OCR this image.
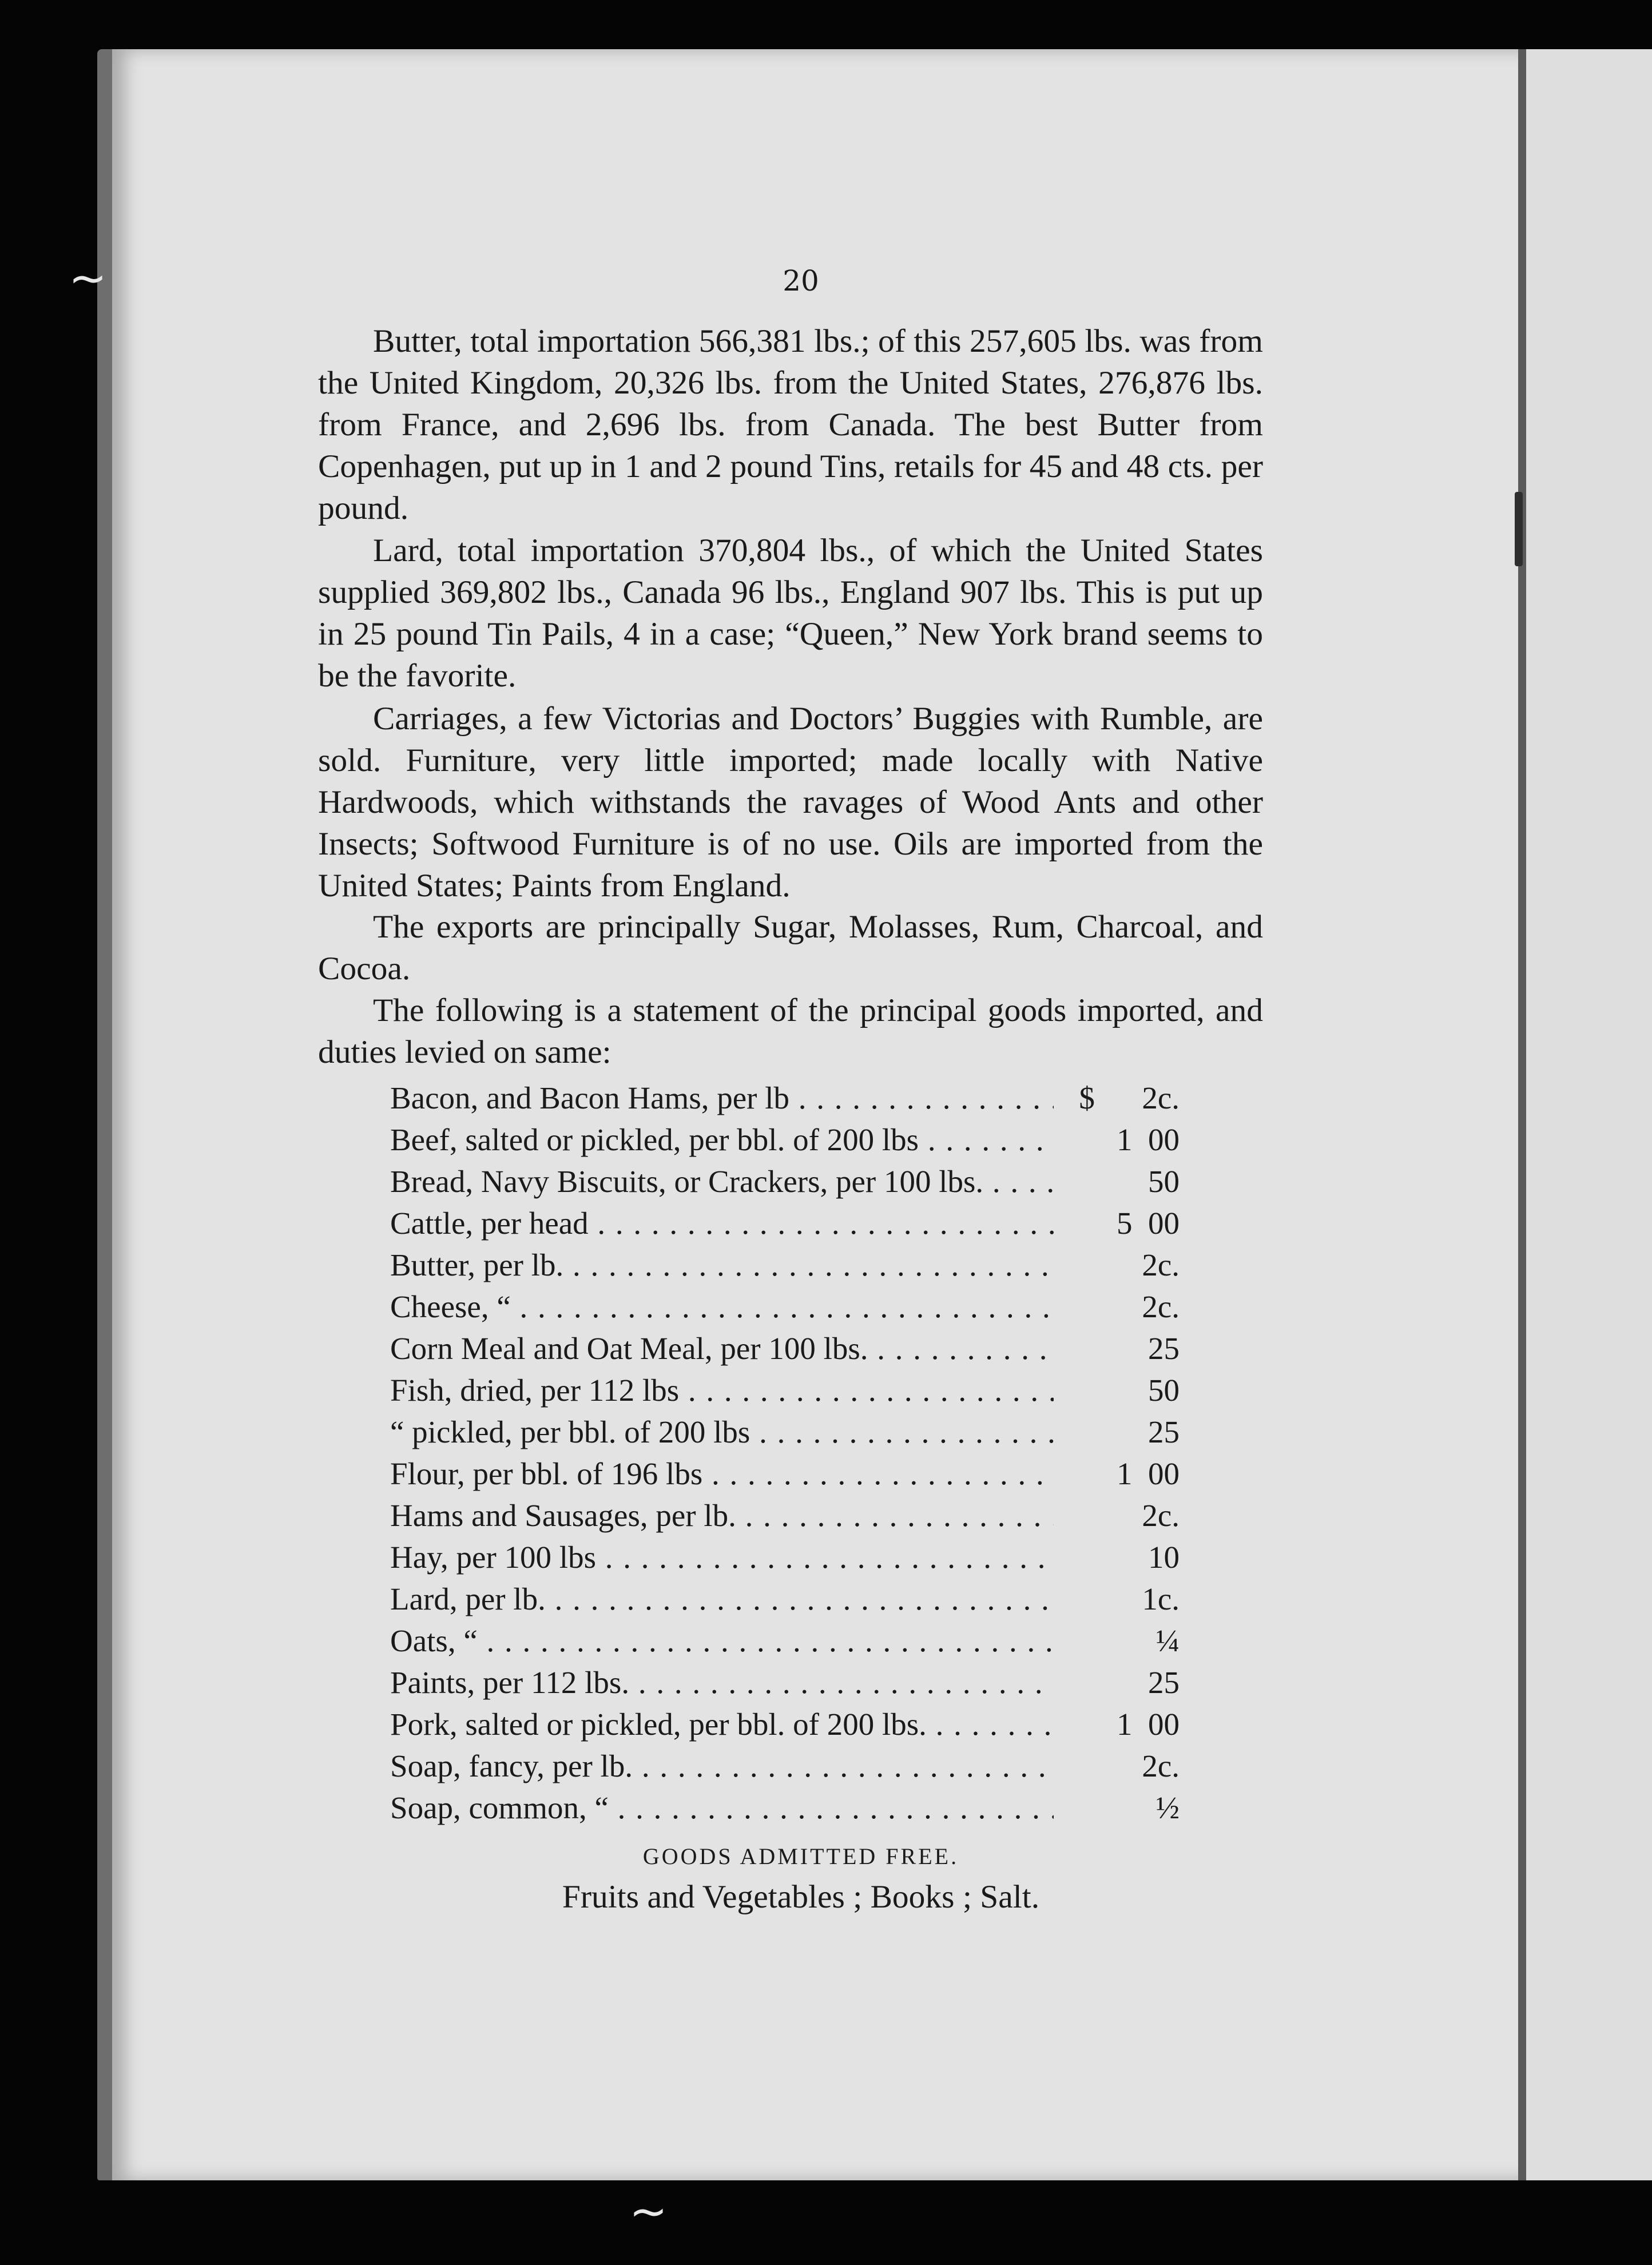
20

Butter, total importation 566,381 lbs.; of this 257,605 lbs. was from the United Kingdom, 20,326 lbs. from the United States, 276,876 lbs. from France, and 2,696 lbs. from Canada. The best Butter from Copenhagen, put up in 1 and 2 pound Tins, retails for 45 and 48 cts. per pound.

Lard, total importation 370,804 lbs., of which the United States supplied 369,802 lbs., Canada 96 lbs., England 907 lbs. This is put up in 25 pound Tin Pails, 4 in a case; “Queen,” New York brand seems to be the favorite.

Carriages, a few Victorias and Doctors’ Buggies with Rumble, are sold. Furniture, very little imported; made locally with Native Hardwoods, which withstands the ravages of Wood Ants and other Insects; Softwood Furniture is of no use. Oils are imported from the United States; Paints from England.

The exports are principally Sugar, Molasses, Rum, Charcoal, and Cocoa.

The following is a statement of the principal goods imported, and duties levied on same:

Bacon, and Bacon Hams, per lb . . .	$      2c.
Beef, salted or pickled, per bbl. of 200 lbs . . .	1  00
Bread, Navy Biscuits, or Crackers, per 100 lbs. . . .	50
Cattle, per head . . .	5  00
Butter, per lb. . . .	2c.
Cheese, “ . . .	2c.
Corn Meal and Oat Meal, per 100 lbs. . . .	25
Fish, dried, per 112 lbs . . .	50
“ pickled, per bbl. of 200 lbs . . .	25
Flour, per bbl. of 196 lbs . . .	1  00
Hams and Sausages, per lb. . . .	2c.
Hay, per 100 lbs . . .	10
Lard, per lb. . . .	1c.
Oats, “ . . .	¼
Paints, per 112 lbs. . . .	25
Pork, salted or pickled, per bbl. of 200 lbs. . . .	1  00
Soap, fancy, per lb. . . .	2c.
Soap, common, “ . . .	½
GOODS ADMITTED FREE.
Fruits and Vegetables ; Books ; Salt.
~
~
